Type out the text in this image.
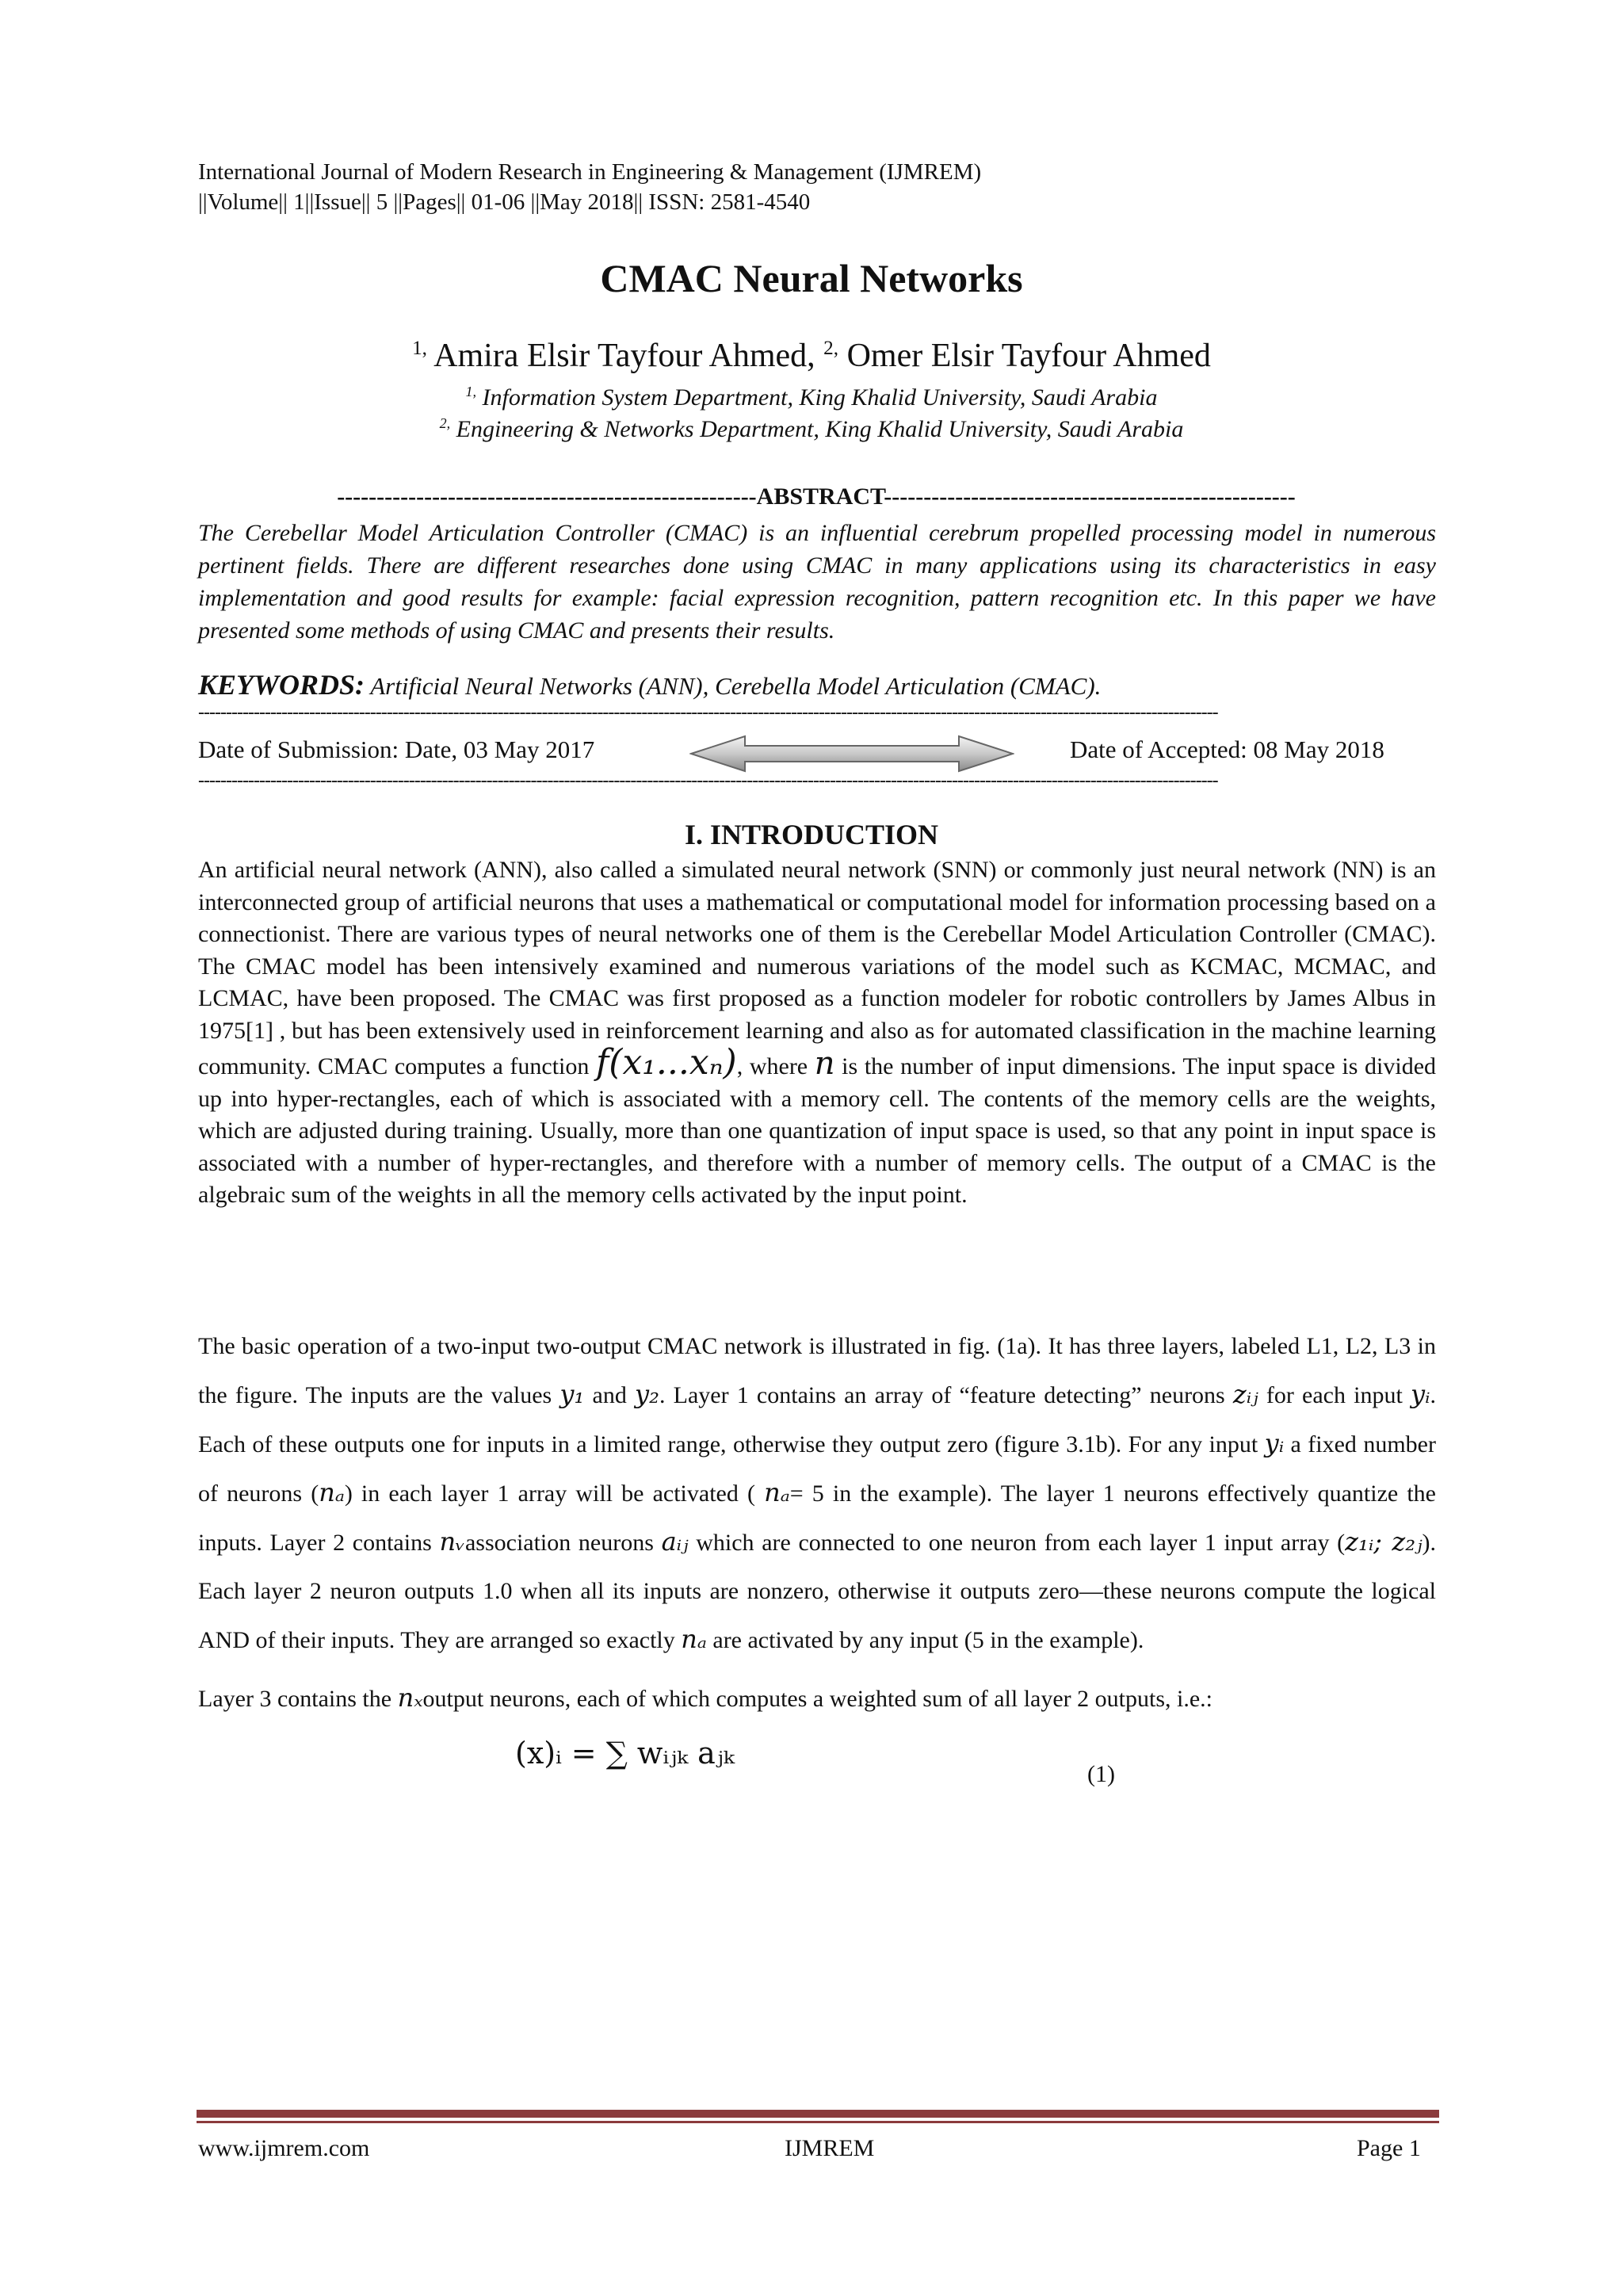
International Journal of Modern Research in Engineering & Management (IJMREM)
||Volume|| 1||Issue|| 5 ||Pages|| 01-06 ||May 2018|| ISSN: 2581-4540
CMAC Neural Networks
$^{1,}$ Amira Elsir Tayfour Ahmed, $^{2,}$ Omer Elsir Tayfour Ahmed
$^{1,}$ Information System Department, King Khalid University, Saudi Arabia
$^{2,}$ Engineering & Networks Department, King Khalid University, Saudi Arabia
-----------------------------------------------------ABSTRACT----------------------------------------------------
The Cerebellar Model Articulation Controller (CMAC) is an influential cerebrum propelled processing model in numerous pertinent fields. There are different researches done using CMAC in many applications using its characteristics in easy implementation and good results for example: facial expression recognition, pattern recognition etc. In this paper we have presented some methods of using CMAC and presents their results.
KEYWORDS: Artificial Neural Networks (ANN), Cerebella Model Articulation (CMAC).
----------------------------------------------------------------------------------------------------------------------------------------------------------------------------------------
Date of Submission: Date, 03 May 2017	Date of Accepted: 08 May 2018
----------------------------------------------------------------------------------------------------------------------------------------------------------------------------------------
I. INTRODUCTION
An artificial neural network (ANN), also called a simulated neural network (SNN) or commonly just neural network (NN) is an interconnected group of artificial neurons that uses a mathematical or computational model for information processing based on a connectionist. There are various types of neural networks one of them is the Cerebellar Model Articulation Controller (CMAC). The CMAC model has been intensively examined and numerous variations of the model such as KCMAC, MCMAC, and LCMAC, have been proposed. The CMAC was first proposed as a function modeler for robotic controllers by James Albus in 1975[1] , but has been extensively used in reinforcement learning and also as for automated classification in the machine learning community. CMAC computes a function f(x₁...xₙ), where n is the number of input dimensions. The input space is divided up into hyper-rectangles, each of which is associated with a memory cell. The contents of the memory cells are the weights, which are adjusted during training. Usually, more than one quantization of input space is used, so that any point in input space is associated with a number of hyper-rectangles, and therefore with a number of memory cells. The output of a CMAC is the algebraic sum of the weights in all the memory cells activated by the input point.
The basic operation of a two-input two-output CMAC network is illustrated in fig. (1a). It has three layers, labeled L1, L2, L3 in the figure. The inputs are the values y₁ and y₂. Layer 1 contains an array of “feature detecting” neurons zᵢⱼ for each input yᵢ. Each of these outputs one for inputs in a limited range, otherwise they output zero (figure 3.1b). For any input yᵢ a fixed number of neurons (nₐ) in each layer 1 array will be activated ( nₐ= 5 in the example). The layer 1 neurons effectively quantize the inputs. Layer 2 contains nᵥassociation neurons aᵢⱼ which are connected to one neuron from each layer 1 input array (z₁ᵢ; z₂ⱼ). Each layer 2 neuron outputs 1.0 when all its inputs are nonzero, otherwise it outputs zero—these neurons compute the logical AND of their inputs. They are arranged so exactly nₐ are activated by any input (5 in the example).
Layer 3 contains the nₓoutput neurons, each of which computes a weighted sum of all layer 2 outputs, i.e.:
(x)ᵢ = ∑ wᵢⱼₖ aⱼₖ
(1)
www.ijmrem.com	IJMREM	Page 1
